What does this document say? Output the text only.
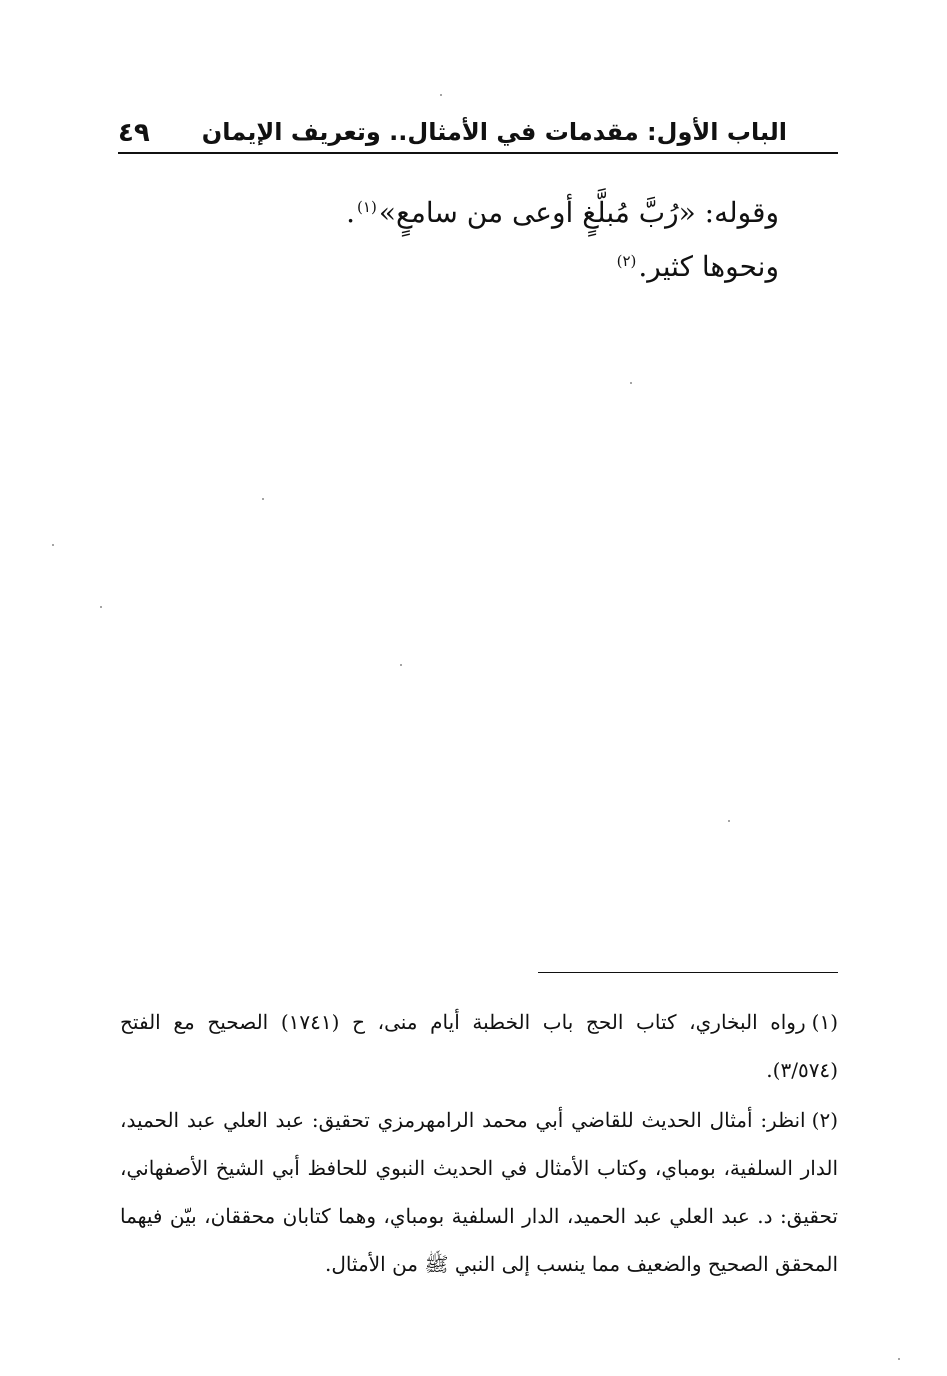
٤٩ الباب الأول: مقدمات في الأمثال.. وتعريف الإيمان

وقوله: «رُبَّ مُبلَّغٍ أوعى من سامعٍ»$^{(١)}$.

ونحوها كثير.$^{(٢)}$

(١)رواه البخاري، كتاب الحج باب الخطبة أيام منى، ح (١٧٤١) الصحيح مع الفتح (٣/٥٧٤).

(٢)انظر: أمثال الحديث للقاضي أبي محمد الرامهرمزي تحقيق: عبد العلي عبد الحميد، الدار السلفية، بومباي، وكتاب الأمثال في الحديث النبوي للحافظ أبي الشيخ الأصفهاني، تحقيق: د. عبد العلي عبد الحميد، الدار السلفية بومباي، وهما كتابان محققان، بيّن فيهما المحقق الصحيح والضعيف مما ينسب إلى النبي ﷺ من الأمثال.
